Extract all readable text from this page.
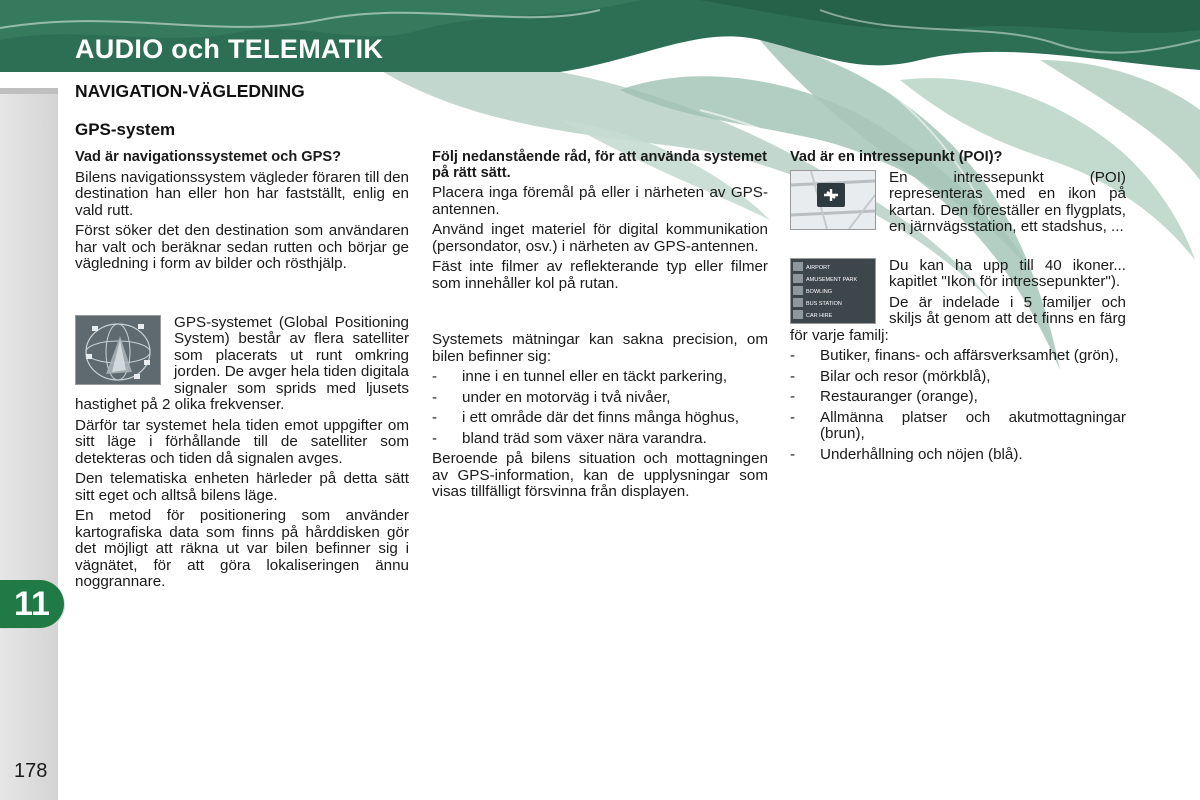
AUDIO och TELEMATIK
NAVIGATION-VÄGLEDNING
GPS-system
Vad är navigationssystemet och GPS?

Bilens navigationssystem vägleder föraren till den destination han eller hon har fastställt, enlig en vald rutt.

Först söker det den destination som användaren har valt och beräknar sedan rutten och börjar ge vägledning i form av bilder och rösthjälp.

GPS-systemet (Global Positioning System) består av flera satelliter som placerats ut runt omkring jorden. De avger hela tiden digitala signaler som sprids med ljusets hastighet på 2 olika frekvenser.

Därför tar systemet hela tiden emot uppgifter om sitt läge i förhållande till de satelliter som detekteras och tiden då signalen avges.

Den telematiska enheten härleder på detta sätt sitt eget och alltså bilens läge.

En metod för positionering som använder kartografiska data som finns på hårddisken gör det möjligt att räkna ut var bilen befinner sig i vägnätet, för att göra lokaliseringen ännu noggrannare.

Följ nedanstående råd, för att använda systemet på rätt sätt.

Placera inga föremål på eller i närheten av GPS-antennen.

Använd inget materiel för digital kommunikation (persondator, osv.) i närheten av GPS-antennen.

Fäst inte filmer av reflekterande typ eller filmer som innehåller kol på rutan.

Systemets mätningar kan sakna precision, om bilen befinner sig:

- inne i en tunnel eller en täckt parkering,
- under en motorväg i två nivåer,
- i ett område där det finns många höghus,
- bland träd som växer nära varandra.

Beroende på bilens situation och mottagningen av GPS-information, kan de upplysningar som visas tillfälligt försvinna från displayen.

Vad är en intressepunkt (POI)?

En intressepunkt (POI) representeras med en ikon på kartan. Den föreställer en flygplats, en järnvägsstation, ett stadshus, ...

AIRPORT
AMUSEMENT PARK
BOWLING
BUS STATION
CAR HIRE

Du kan ha upp till 40 ikoner... kapitlet "Ikon för intressepunkter").

De är indelade i 5 familjer och skiljs åt genom att det finns en färg för varje familj:

- Butiker, finans- och affärsverksamhet (grön),
- Bilar och resor (mörkblå),
- Restauranger (orange),
- Allmänna platser och akutmottagningar (brun),
- Underhållning och nöjen (blå).
11
178
